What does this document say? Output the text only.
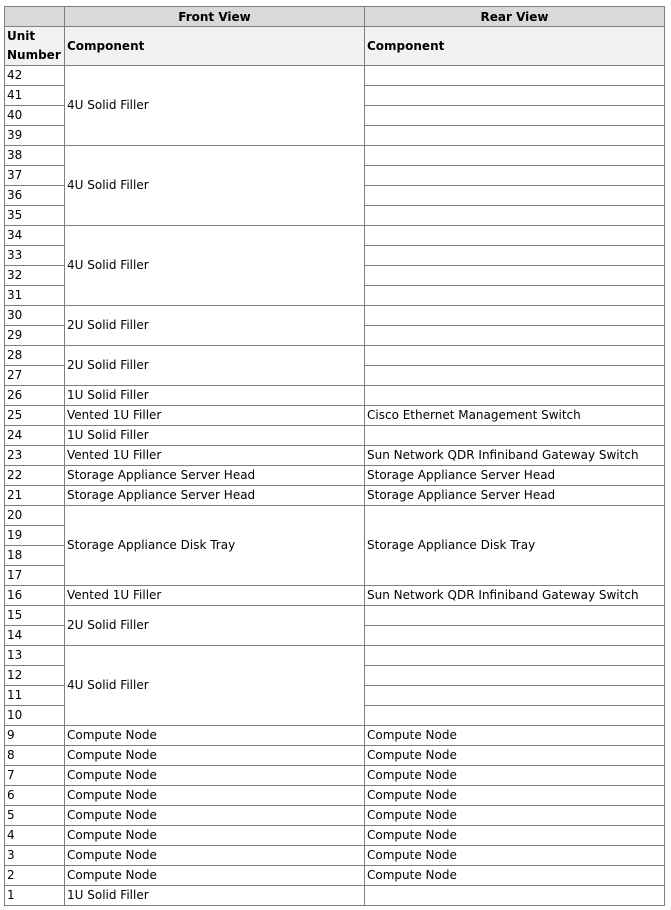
	Front View	Rear View
Unit Number	Component	Component
42	4U Solid Filler	
41		
40		
39		
38	4U Solid Filler	
37		
36		
35		
34	4U Solid Filler	
33		
32		
31		
30	2U Solid Filler	
29		
28	2U Solid Filler	
27		
26	1U Solid Filler	
25	Vented 1U Filler	Cisco Ethernet Management Switch
24	1U Solid Filler	
23	Vented 1U Filler	Sun Network QDR Infiniband Gateway Switch
22	Storage Appliance Server Head	Storage Appliance Server Head
21	Storage Appliance Server Head	Storage Appliance Server Head
20	Storage Appliance Disk Tray	Storage Appliance Disk Tray
19		
18		
17		
16	Vented 1U Filler	Sun Network QDR Infiniband Gateway Switch
15	2U Solid Filler	
14		
13	4U Solid Filler	
12		
11		
10		
9	Compute Node	Compute Node
8	Compute Node	Compute Node
7	Compute Node	Compute Node
6	Compute Node	Compute Node
5	Compute Node	Compute Node
4	Compute Node	Compute Node
3	Compute Node	Compute Node
2	Compute Node	Compute Node
1	1U Solid Filler	
